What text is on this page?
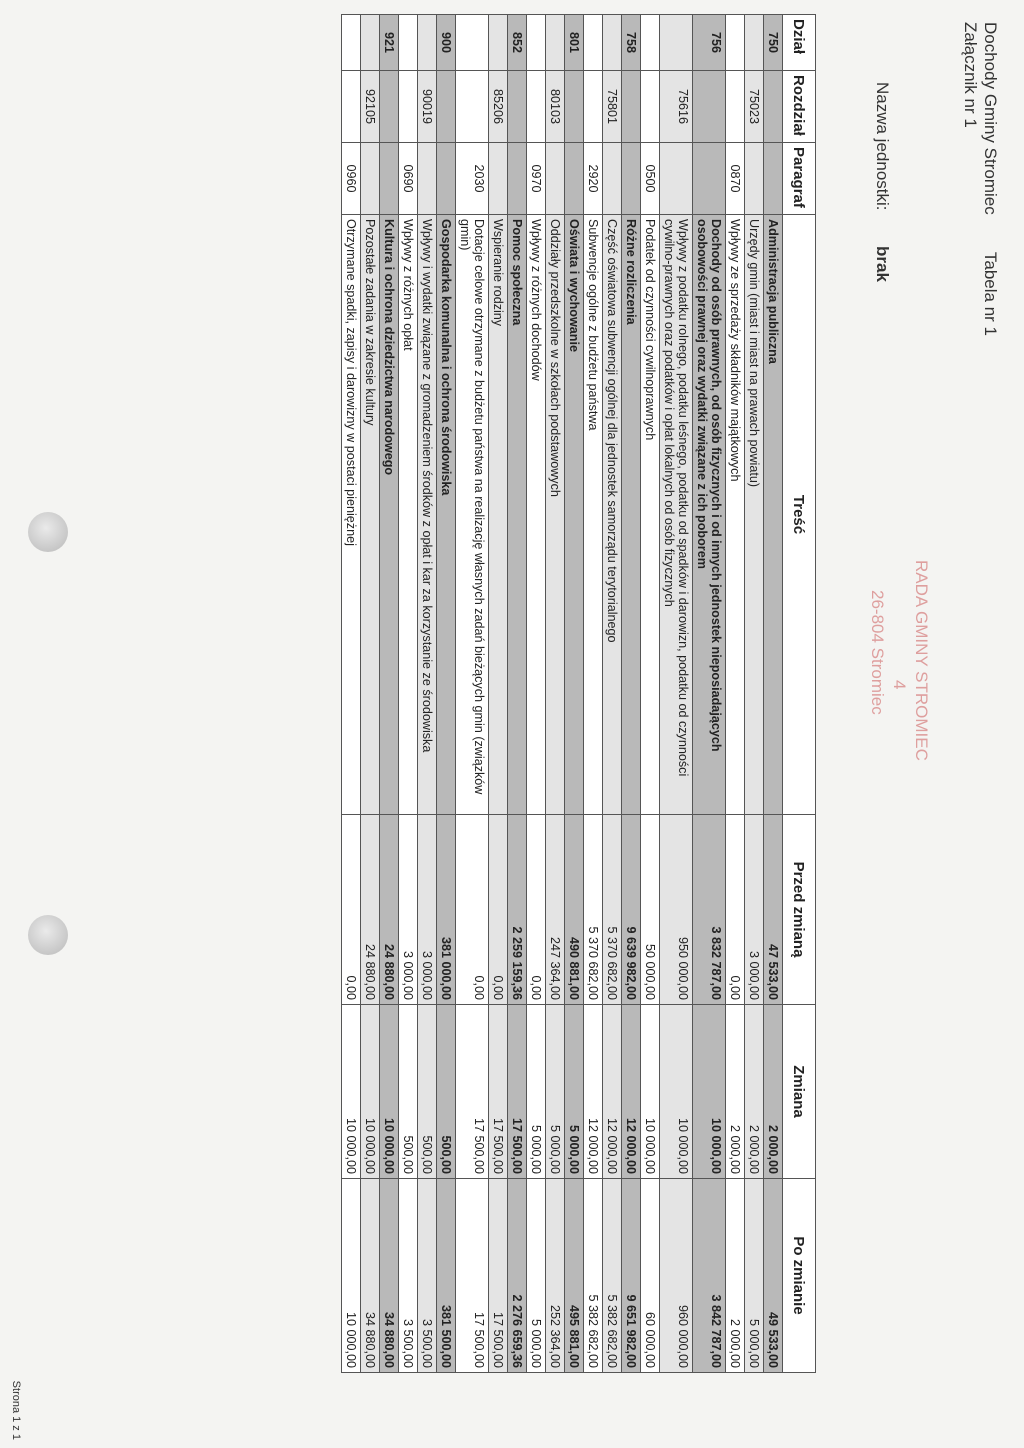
Dochody Gminy Stromiec  Tabela nr 1
Załącznik nr 1
Nazwa jednostki:  brak
RADA GMINY STROMIEC
4
26-804 Stromiec
Strona 1 z 1
Dział	Rozdział	Paragraf	Treść	Przed zmianą	Zmiana	Po zmianie
750			Administracja publiczna	47 533,00	2 000,00	49 533,00
	75023		Urzędy gmin (miast i miast na prawach powiatu)	3 000,00	2 000,00	5 000,00
		0870	Wpływy ze sprzedaży składników majątkowych	0,00	2 000,00	2 000,00
756			Dochody od osób prawnych, od osób fizycznych i od innych jednostek nieposiadających osobowości prawnej oraz wydatki związane z ich poborem	3 832 787,00	10 000,00	3 842 787,00
	75616		Wpływy z podatku rolnego, podatku leśnego, podatku od spadków i darowizn, podatku od czynności cywilno-prawnych oraz podatków i opłat lokalnych od osób fizycznych	950 000,00	10 000,00	960 000,00
		0500	Podatek od czynności cywilnoprawnych	50 000,00	10 000,00	60 000,00
758			Różne rozliczenia	9 639 982,00	12 000,00	9 651 982,00
	75801		Część oświatowa subwencji ogólnej dla jednostek samorządu terytorialnego	5 370 682,00	12 000,00	5 382 682,00
		2920	Subwencje ogólne z budżetu państwa	5 370 682,00	12 000,00	5 382 682,00
801			Oświata i wychowanie	490 881,00	5 000,00	495 881,00
	80103		Oddziały przedszkolne w szkołach podstawowych	247 364,00	5 000,00	252 364,00
		0970	Wpływy z różnych dochodów	0,00	5 000,00	5 000,00
852			Pomoc społeczna	2 259 159,36	17 500,00	2 276 659,36
	85206		Wspieranie rodziny	0,00	17 500,00	17 500,00
		2030	Dotacje celowe otrzymane z budżetu państwa na realizację własnych zadań bieżących gmin (związków gmin)	0,00	17 500,00	17 500,00
900			Gospodarka komunalna i ochrona środowiska	381 000,00	500,00	381 500,00
	90019		Wpływy i wydatki związane z gromadzeniem środków z opłat i kar za korzystanie ze środowiska	3 000,00	500,00	3 500,00
		0690	Wpływy z różnych opłat	3 000,00	500,00	3 500,00
921			Kultura i ochrona dziedzictwa narodowego	24 880,00	10 000,00	34 880,00
	92105		Pozostałe zadania w zakresie kultury	24 880,00	10 000,00	34 880,00
		0960	Otrzymane spadki, zapisy i darowizny w postaci pieniężnej	0,00	10 000,00	10 000,00
